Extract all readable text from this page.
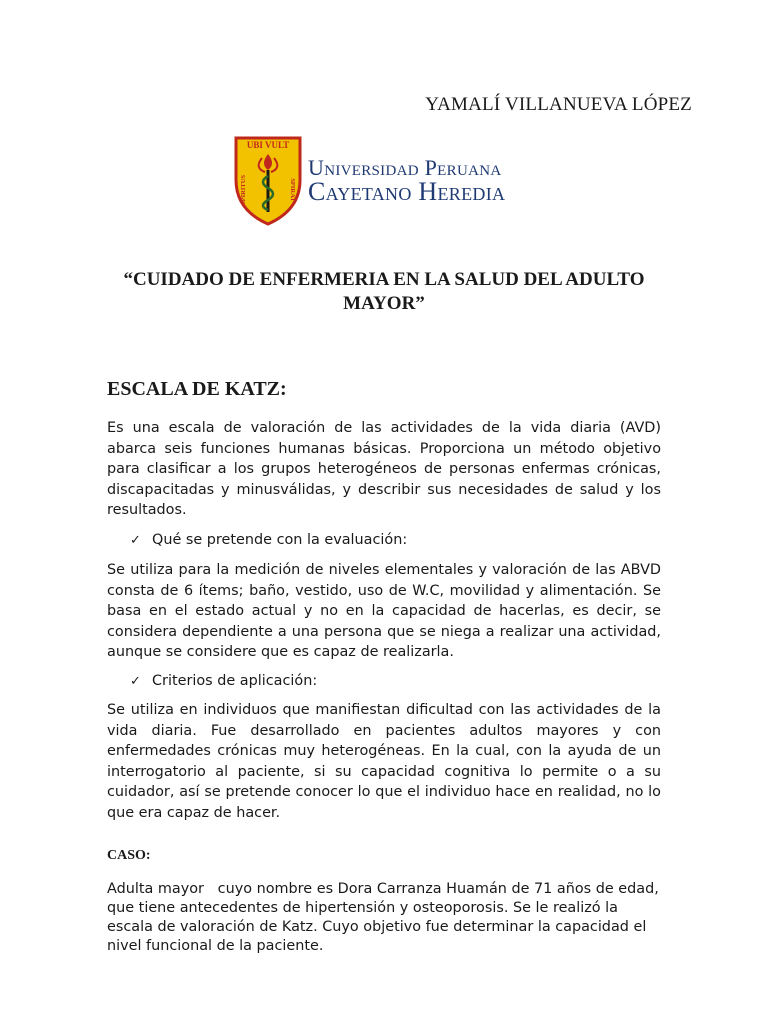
YAMALÍ VILLANUEVA LÓPEZ
UBI VULT
SPIRITUS	SPIRAT
Universidad Peruana
Cayetano Heredia
“CUIDADO DE ENFERMERIA EN LA SALUD DEL ADULTO MAYOR”
ESCALA DE KATZ:
Es una escala de valoración de las actividades de la vida diaria (AVD) abarca seis funciones humanas básicas. Proporciona un método objetivo para clasificar a los grupos heterogéneos de personas enfermas crónicas, discapacitadas y minusválidas, y describir sus necesidades de salud y los resultados.
✓ Qué se pretende con la evaluación:
Se utiliza para la medición de niveles elementales y valoración de las ABVD consta de 6 ítems; baño, vestido, uso de W.C, movilidad y alimentación. Se basa en el estado actual y no en la capacidad de hacerlas, es decir, se considera dependiente a una persona que se niega a realizar una actividad, aunque se considere que es capaz de realizarla.
✓ Criterios de aplicación:
Se utiliza en individuos que manifiestan dificultad con las actividades de la vida diaria. Fue desarrollado en pacientes adultos mayores y con enfermedades crónicas muy heterogéneas. En la cual, con la ayuda de un interrogatorio al paciente, si su capacidad cognitiva lo permite o a su cuidador, así se pretende conocer lo que el individuo hace en realidad, no lo que era capaz de hacer.
CASO:
Adulta mayor   cuyo nombre es Dora Carranza Huamán de 71 años de edad, que tiene antecedentes de hipertensión y osteoporosis. Se le realizó la escala de valoración de Katz. Cuyo objetivo fue determinar la capacidad el nivel funcional de la paciente.
